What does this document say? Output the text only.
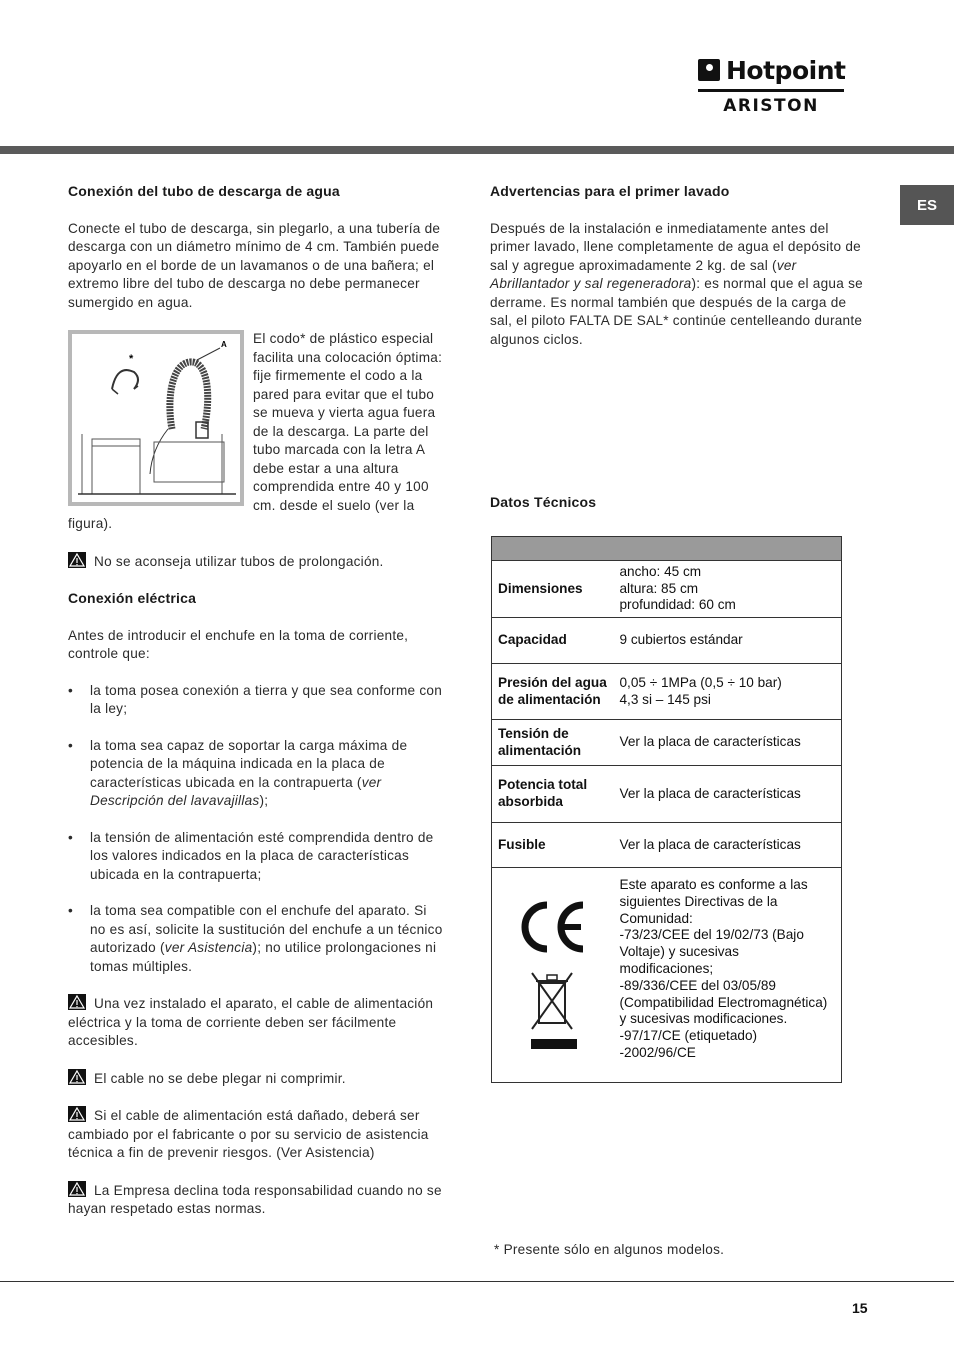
Hotpoint
ARISTON
ES
Conexión del tubo de descarga de agua

Conecte el tubo de descarga, sin plegarlo, a una tubería de descarga con un diámetro mínimo de 4 cm. También puede apoyarlo en el borde de un lavamanos o de una bañera; el extremo libre del tubo de descarga no debe permanecer sumergido en agua.

A
*

El codo* de plástico especial facilita una colocación óptima: fije firmemente el codo a la pared para evitar que el tubo se mueva y vierta agua fuera de la descarga. La parte del tubo marcada con la letra A debe estar a una altura comprendida entre 40 y 100 cm. desde el suelo (ver la figura).

No se aconseja utilizar tubos de prolongación.
Conexión eléctrica

Antes de introducir el enchufe en la toma de corriente, controle que:

• la toma posea conexión a tierra y que sea conforme con la ley;
• la toma sea capaz de soportar la carga máxima de potencia de la máquina indicada en la placa de características ubicada en la contrapuerta (ver Descripción del lavavajillas);
• la tensión de alimentación esté comprendida dentro de los valores indicados en la placa de características ubicada en la contrapuerta;
• la toma sea compatible con el enchufe del aparato. Si no es así, solicite la sustitución del enchufe a un técnico autorizado (ver Asistencia); no utilice prolongaciones ni tomas múltiples.
Una vez instalado el aparato, el cable de alimentación eléctrica y la toma de corriente deben ser fácilmente accesibles.
El cable no se debe plegar ni comprimir.
Si el cable de alimentación está dañado, deberá ser cambiado por el fabricante o por su servicio de asistencia técnica a fin de prevenir riesgos. (Ver Asistencia)
La Empresa declina toda responsabilidad cuando no se hayan respetado estas normas.
Advertencias para el primer lavado

Después de la instalación e inmediatamente antes del primer lavado, llene completamente de agua el depósito de sal y agregue aproximadamente 2 kg. de sal (ver Abrillantador y sal regeneradora): es normal que el agua se derrame. Es normal también que después de la carga de sal, el piloto FALTA DE SAL* continúe centelleando durante algunos ciclos.

Datos Técnicos

Dimensiones	ancho: 45 cm
altura: 85 cm
profundidad: 60 cm

Capacidad	9 cubiertos estándar

Presión del agua de alimentación	0,05 ÷ 1MPa (0,5 ÷ 10 bar)
4,3 si – 145 psi

Tensión de alimentación	Ver la placa de características

Potencia total absorbida	Ver la placa de características

Fusible	Ver la placa de características

	Este aparato es conforme a las siguientes Directivas de la Comunidad:
-73/23/CEE del 19/02/73 (Bajo Voltaje) y sucesivas modificaciones;
-89/336/CEE del 03/05/89 (Compatibilidad Electromagnética) y sucesivas modificaciones.
-97/17/CE (etiquetado)
-2002/96/CE
* Presente sólo en algunos modelos.
15
